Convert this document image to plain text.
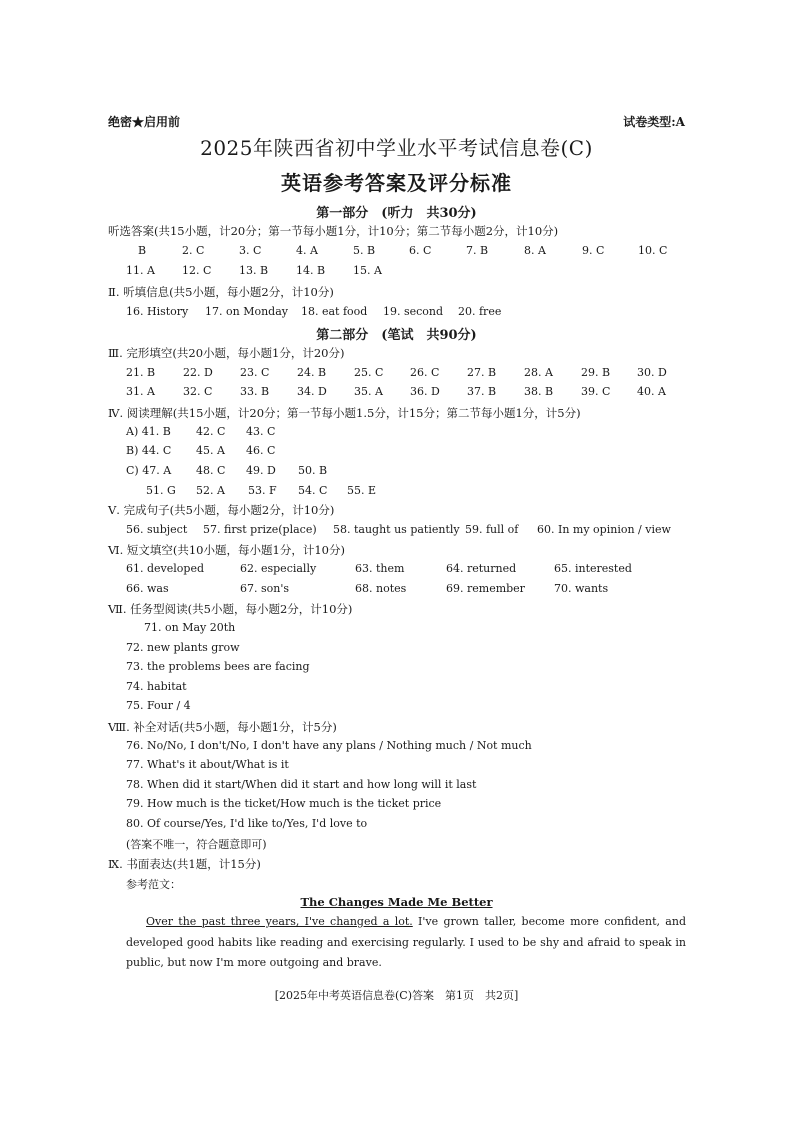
绝密★启用前	试卷类型:A
2025年陕西省初中学业水平考试信息卷(C)
英语参考答案及评分标准
第一部分　(听力　共30分)
听选答案(共15小题，计20分；第一节每小题1分，计10分；第二节每小题2分，计10分)
B	2. C	3. C	4. A	5. B	6. C	7. B	8. A	9. C	10. C
11. A 12. C	13. B	14. B	15. A
Ⅱ. 听填信息(共5小题，每小题2分，计10分)
16. History 17. on Monday 18. eat food 19. second 20. free
第二部分　(笔试　共90分)
Ⅲ. 完形填空(共20小题，每小题1分，计20分)
21. B	22. D 23. C	24. B	25. C 26. C	27. B	28. A	29. B 30. D
31. A	32. C	33. B	34. D 35. A 36. D 37. B	38. B	39. C 40. A
Ⅳ. 阅读理解(共15小题，计20分；第一节每小题1.5分，计15分；第二节每小题1分，计5分)
A) 41. B 42. C 43. C
B) 44. C 45. A 46. C
C) 47. A 48. C 49. D 50. B
51. G 52. A 53. F 54. C 55. E
Ⅴ. 完成句子(共5小题，每小题2分，计10分)
56. subject 57. first prize(place) 58. taught us patiently 59. full of 60. In my opinion / view
Ⅵ. 短文填空(共10小题，每小题1分，计10分)
61. developed	62. especially	63. them	64. returned	65. interested
66. was	67. son's	68. notes	69. remember	70. wants
Ⅶ. 任务型阅读(共5小题，每小题2分，计10分)
71. on May 20th
72. new plants grow
73. the problems bees are facing
74. habitat
75. Four / 4
Ⅷ. 补全对话(共5小题，每小题1分，计5分)
76. No/No, I don't/No, I don't have any plans / Nothing much / Not much
77. What's it about/What is it
78. When did it start/When did it start and how long will it last
79. How much is the ticket/How much is the ticket price
80. Of course/Yes, I'd like to/Yes, I'd love to
(答案不唯一，符合题意即可)
Ⅸ. 书面表达(共1题，计15分)
参考范文：
The Changes Made Me Better
Over the past three years, I've changed a lot. I've grown taller, become more confident, and developed good habits like reading and exercising regularly. I used to be shy and afraid to speak in public, but now I'm more outgoing and brave.
[2025年中考英语信息卷(C)答案　第1页　共2页]
